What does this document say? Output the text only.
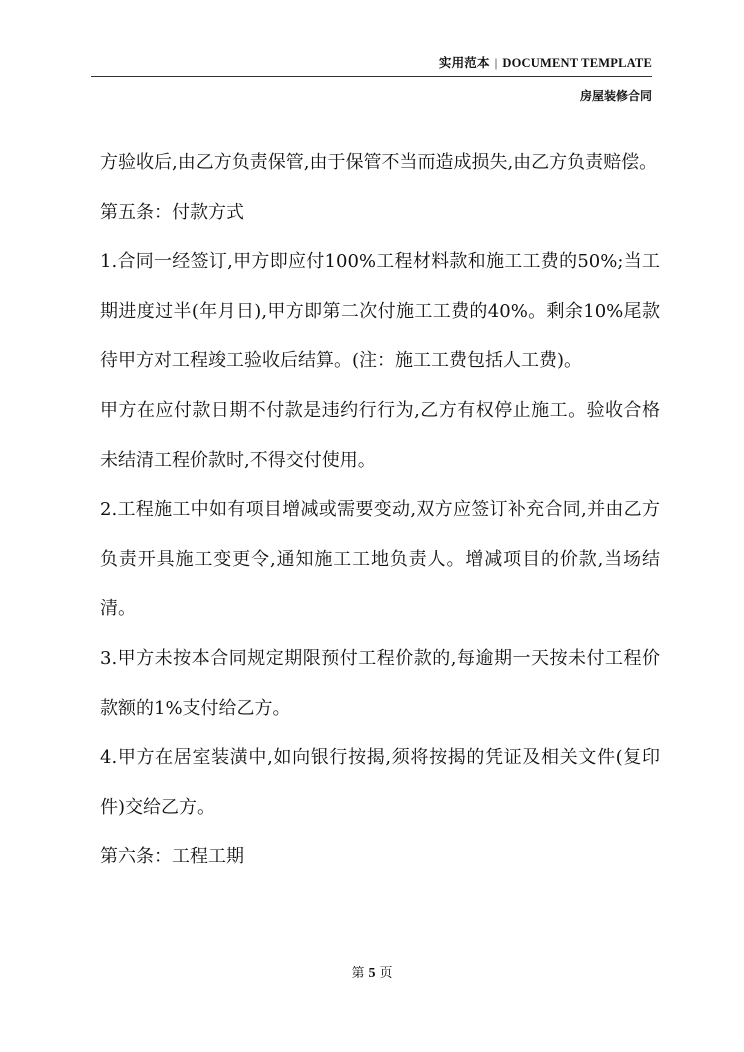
实用范本 | DOCUMENT TEMPLATE
房屋装修合同

方验收后,由乙方负责保管,由于保管不当而造成损失,由乙方负责赔偿。

第五条：付款方式

1.合同一经签订,甲方即应付100%工程材料款和施工工费的50%;当工期进度过半(年月日),甲方即第二次付施工工费的40%。剩余10%尾款待甲方对工程竣工验收后结算。(注：施工工费包括人工费)。

甲方在应付款日期不付款是违约行行为,乙方有权停止施工。验收合格未结清工程价款时,不得交付使用。

2.工程施工中如有项目增减或需要变动,双方应签订补充合同,并由乙方负责开具施工变更令,通知施工工地负责人。增减项目的价款,当场结清。

3.甲方未按本合同规定期限预付工程价款的,每逾期一天按未付工程价款额的1%支付给乙方。

4.甲方在居室装潢中,如向银行按揭,须将按揭的凭证及相关文件(复印件)交给乙方。

第六条：工程工期

第 5 页
